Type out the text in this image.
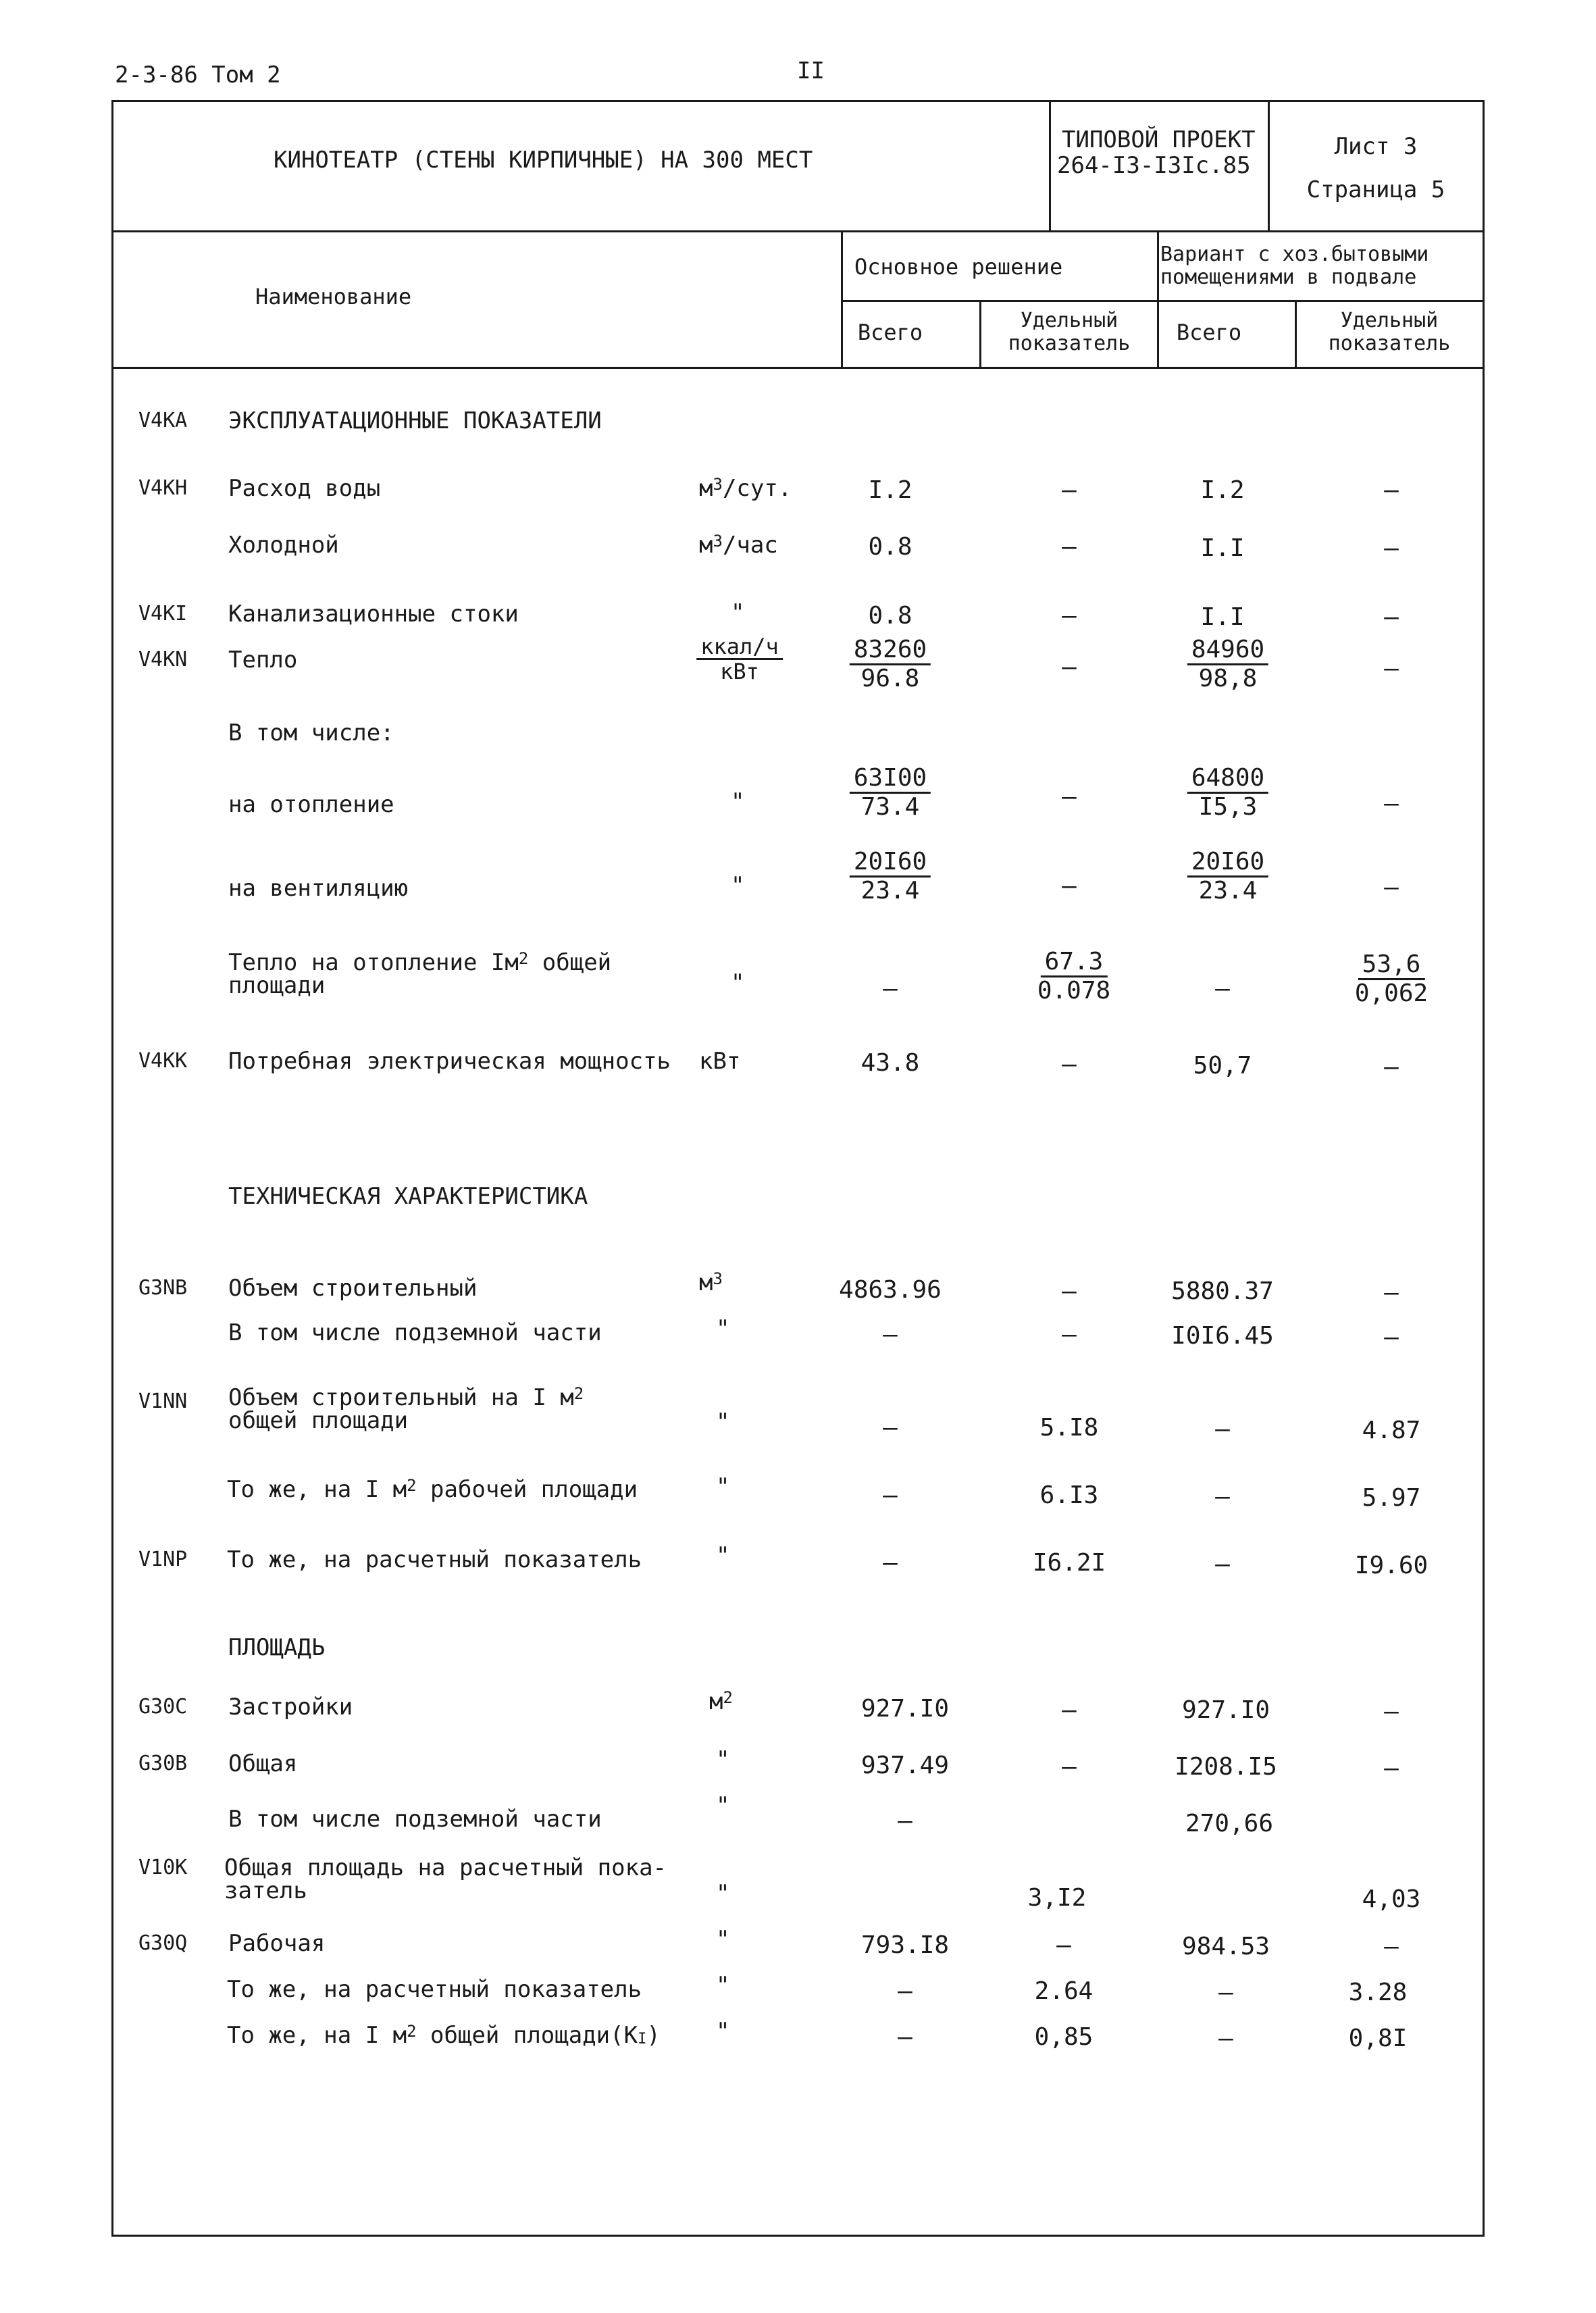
2-3-86 Том 2	II
КИНОТЕАТР (СТЕНЫ КИРПИЧНЫЕ) НА 300 МЕСТ
ТИПОВОЙ ПРОЕКТ
264-I3-I3Ic.85
Лист 3
Страница 5
Наименование
Основное решение	Вариант с хоз.бытовыми
помещениями в подвале
Всего	Удельный
показатель Всего	Удельный
показатель
V4KA ЭКСПЛУАТАЦИОННЫЕ ПОКАЗАТЕЛИ
V4KH Расход воды	$м^3$/сут.	I.2	–	I.2	–
Холодной	$м^3$/час	0.8	–	I.I	–
V4KI Канализационные стоки	"	0.8	–	I.I	–
V4KN Тепло	ккал/ч
кВт	$\frac{83260}{96.8}$	–	$\frac{84960}{98,8}$	–
В том числе:
на отопление	"	$\frac{63I00}{73.4}$	–	$\frac{64800}{I5,3}$	–
на вентиляцию	"	$\frac{20I60}{23.4}$	–	$\frac{20I60}{23.4}$	–
Тепло на отопление $Iм^2$ общей
площади	"	–	$\frac{67.3}{0.078}$	–	$\frac{53,6}{0,062}$
V4KK Потребная электрическая мощность кВт	43.8	–	50,7	–
ТЕХНИЧЕСКАЯ ХАРАКТЕРИСТИКА
G3NB Объем строительный	$м^3$	4863.96	–	5880.37	–
В том числе подземной части	"	–	–	I0I6.45	–
V1NN Объем строительный на I $м^2$
общей площади	"	–	5.I8	–	4.87
То же, на I $м^2$ рабочей площади	"	–	6.I3	–	5.97
V1NP То же, на расчетный показатель	"	–	I6.2I	–	I9.60
ПЛОЩАДЬ
G30C Застройки	$м^2$	927.I0	–	927.I0	–
G30B Общая	"	937.49	–	I208.I5	–
В том числе подземной части	"
–	270,66
V10K Общая площадь на расчетный пока-
затель	"	3,I2	4,03
G30Q Рабочая	"	793.I8	–	984.53	–
То же, на расчетный показатель	"	–	2.64	–	3.28
То же, на I $м^2$ общей $площади(К_I)$ "	–	0,85	–	0,8I
